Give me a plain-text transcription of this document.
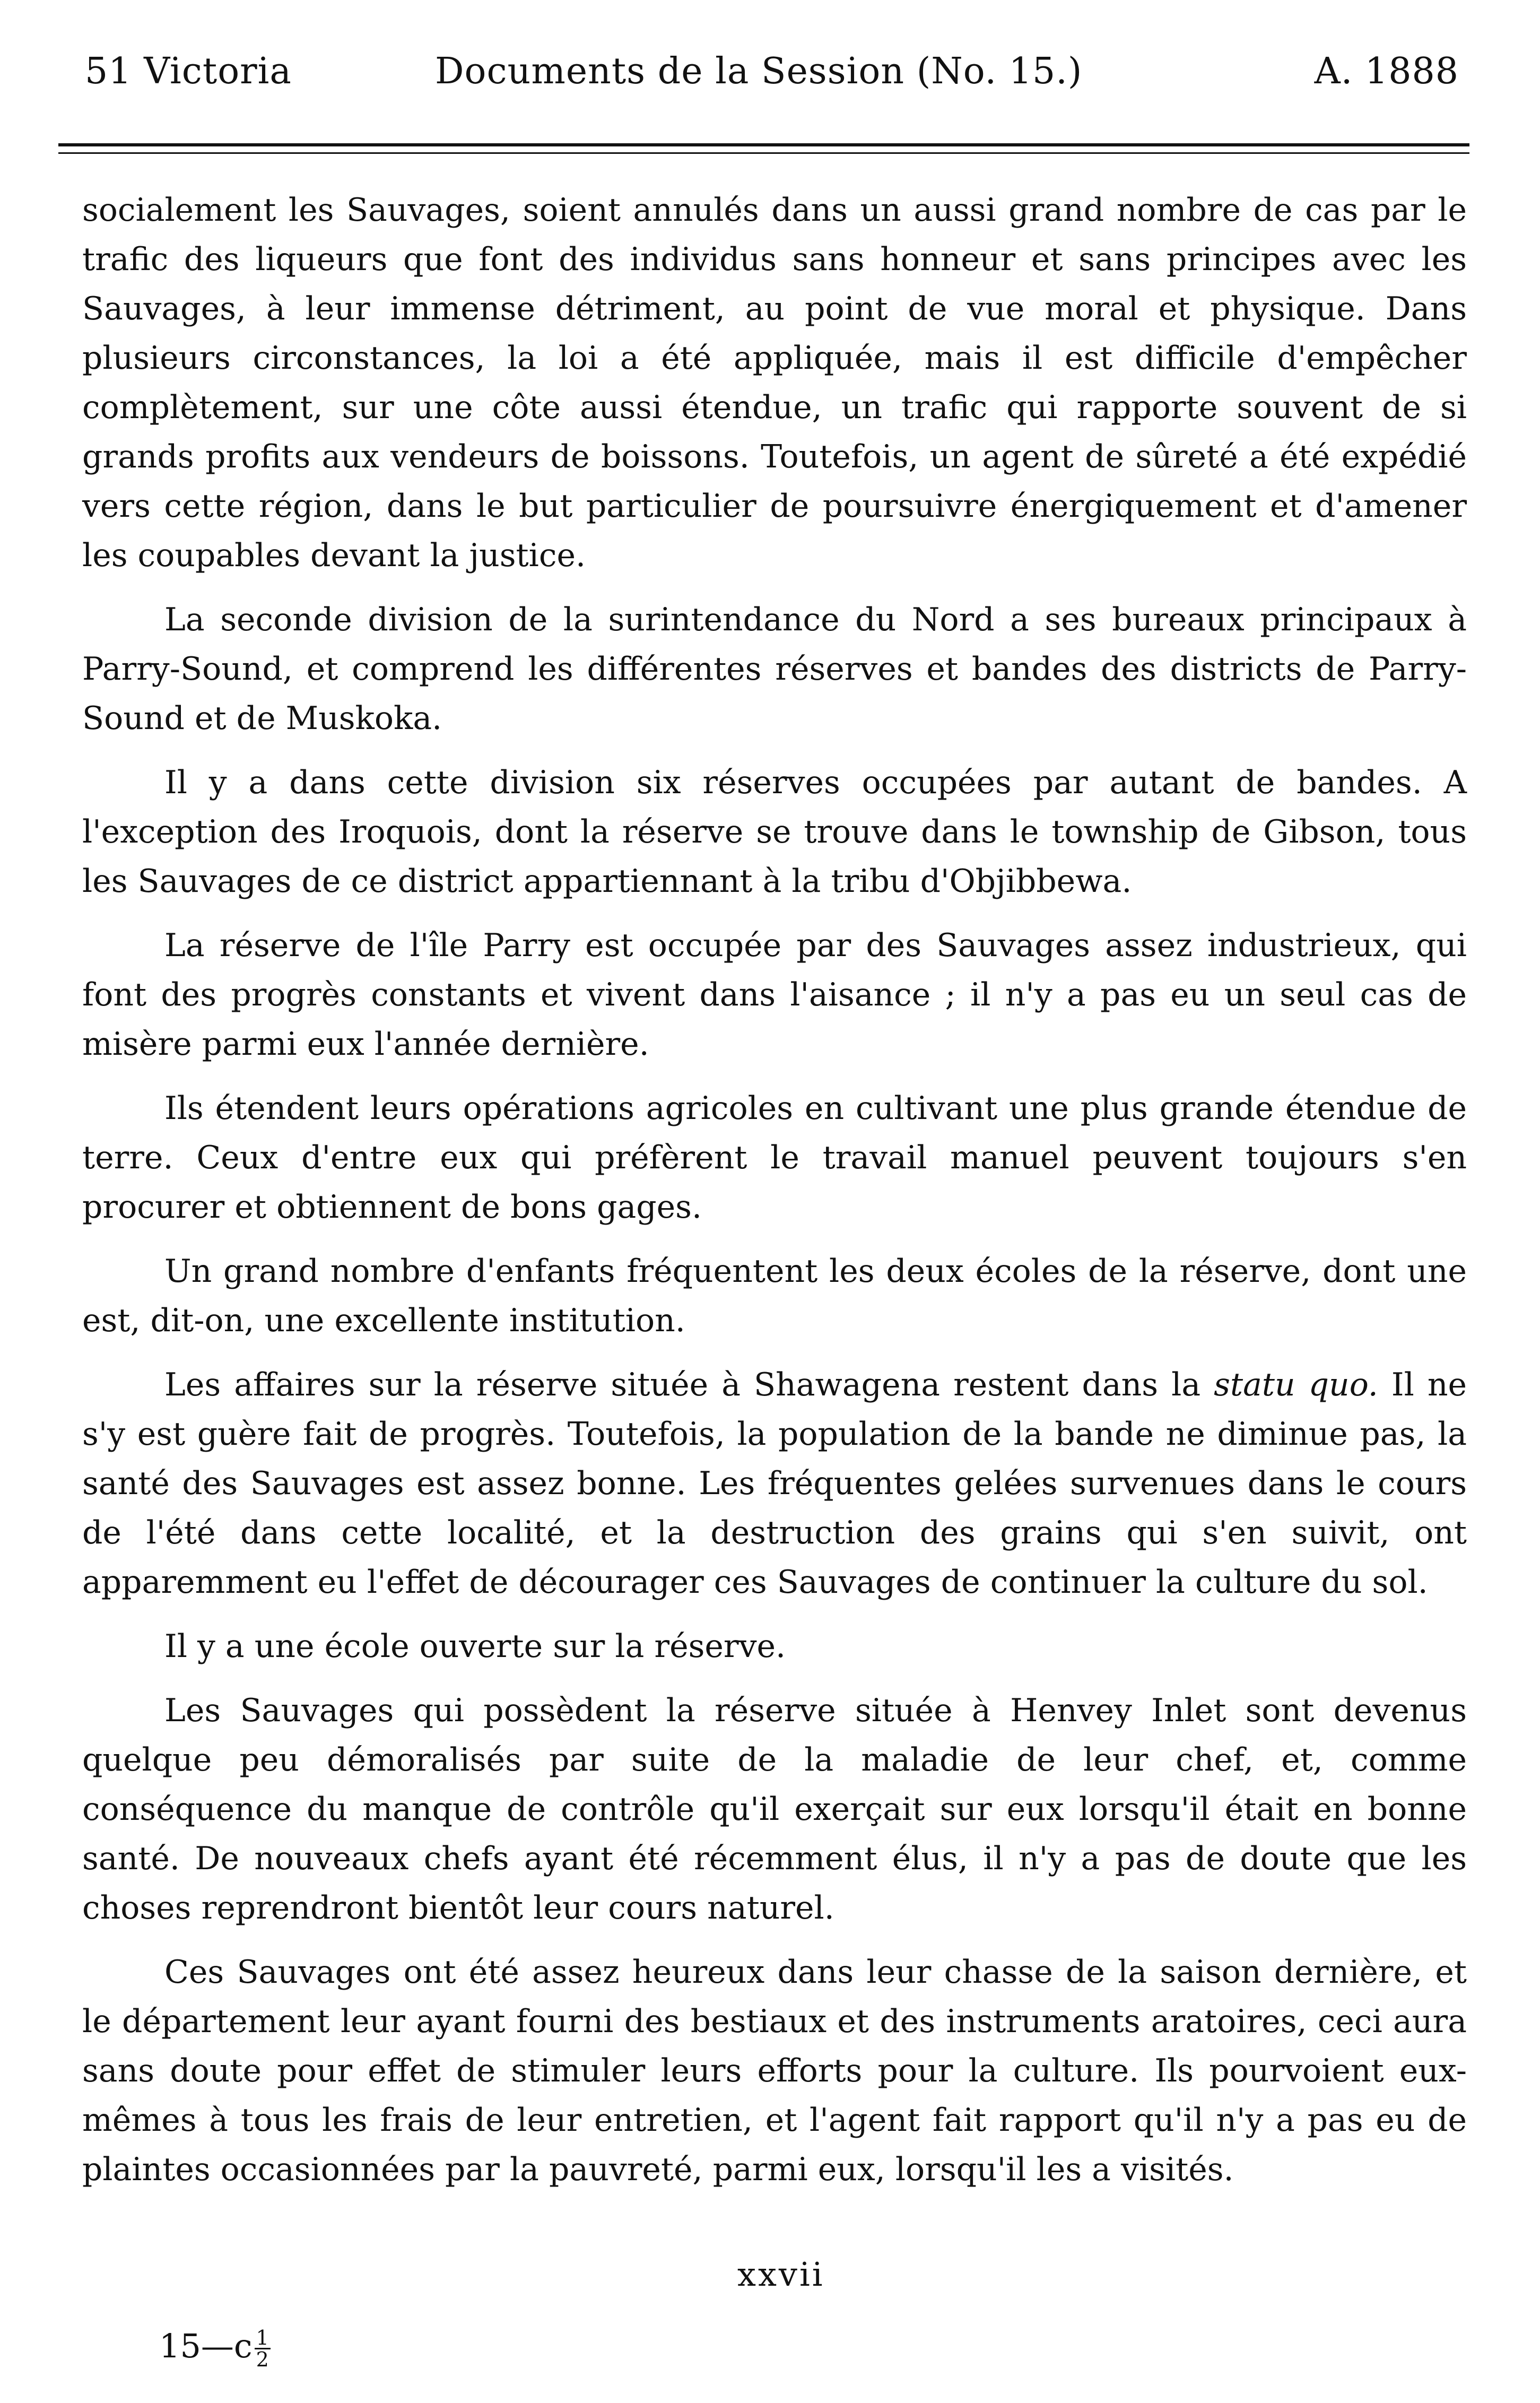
51 Victoria	Documents de la Session (No. 15.)	A. 1888

socialement les Sauvages, soient annulés dans un aussi grand nombre de cas par le trafic des liqueurs que font des individus sans honneur et sans principes avec les Sauvages, à leur immense détriment, au point de vue moral et physique. Dans plusieurs circonstances, la loi a été appliquée, mais il est difficile d'empêcher complètement, sur une côte aussi étendue, un trafic qui rapporte souvent de si grands profits aux vendeurs de boissons. Toutefois, un agent de sûreté a été expédié vers cette région, dans le but particulier de poursuivre énergiquement et d'amener les coupables devant la justice.

La seconde division de la surintendance du Nord a ses bureaux principaux à Parry-Sound, et comprend les différentes réserves et bandes des districts de Parry-Sound et de Muskoka.

Il y a dans cette division six réserves occupées par autant de bandes. A l'exception des Iroquois, dont la réserve se trouve dans le township de Gibson, tous les Sauvages de ce district appartiennant à la tribu d'Objibbewa.

La réserve de l'île Parry est occupée par des Sauvages assez industrieux, qui font des progrès constants et vivent dans l'aisance ; il n'y a pas eu un seul cas de misère parmi eux l'année dernière.

Ils étendent leurs opérations agricoles en cultivant une plus grande étendue de terre. Ceux d'entre eux qui préfèrent le travail manuel peuvent toujours s'en procurer et obtiennent de bons gages.

Un grand nombre d'enfants fréquentent les deux écoles de la réserve, dont une est, dit-on, une excellente institution.

Les affaires sur la réserve située à Shawagena restent dans la statu quo. Il ne s'y est guère fait de progrès. Toutefois, la population de la bande ne diminue pas, la santé des Sauvages est assez bonne. Les fréquentes gelées survenues dans le cours de l'été dans cette localité, et la destruction des grains qui s'en suivit, ont apparemment eu l'effet de décourager ces Sauvages de continuer la culture du sol.

Il y a une école ouverte sur la réserve.

Les Sauvages qui possèdent la réserve située à Henvey Inlet sont devenus quelque peu démoralisés par suite de la maladie de leur chef, et, comme conséquence du manque de contrôle qu'il exerçait sur eux lorsqu'il était en bonne santé. De nouveaux chefs ayant été récemment élus, il n'y a pas de doute que les choses reprendront bientôt leur cours naturel.

Ces Sauvages ont été assez heureux dans leur chasse de la saison dernière, et le département leur ayant fourni des bestiaux et des instruments aratoires, ceci aura sans doute pour effet de stimuler leurs efforts pour la culture. Ils pourvoient eux-mêmes à tous les frais de leur entretien, et l'agent fait rapport qu'il n'y a pas eu de plaintes occasionnées par la pauvreté, parmi eux, lorsqu'il les a visités.

xxvii
15—c $\frac{1}{2}$
